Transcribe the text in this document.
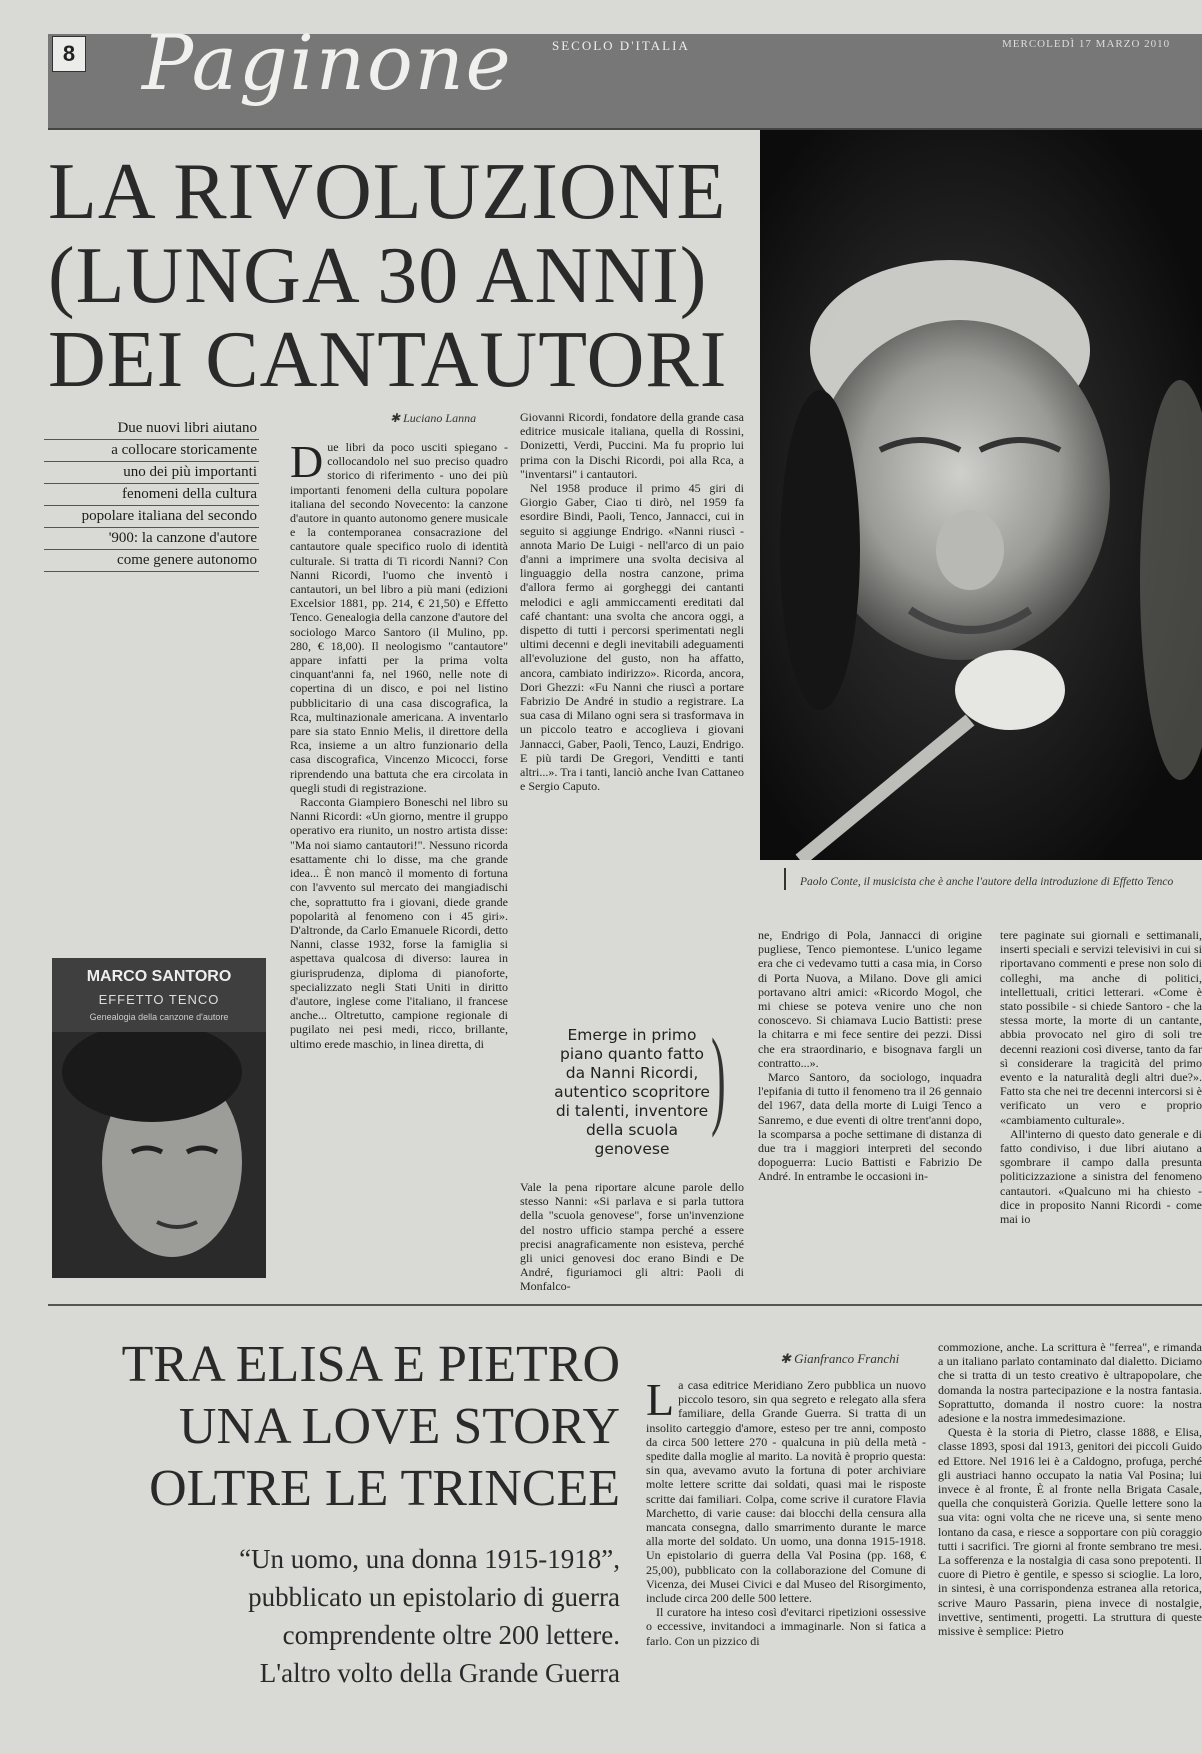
8 Paginone	SECOLO D'ITALIA	MERCOLEDÌ 17 MARZO 2010
LA RIVOLUZIONE
(LUNGA 30 ANNI)
DEI CANTAUTORI
Paolo Conte, il musicista che è anche l'autore della introduzione di Effetto Tenco
Due nuovi libri aiutano
a collocare storicamente
uno dei più importanti
fenomeni della cultura
popolare italiana del secondo
'900: la canzone d'autore
come genere autonomo
✱ Luciano Lanna
MARCO SANTORO
EFFETTO TENCO
Genealogia della canzone d'autore

Due libri da poco usciti spiegano - collocandolo nel suo preciso quadro storico di riferimento - uno dei più importanti fenomeni della cultura popolare italiana del secondo Novecento: la canzone d'autore in quanto autonomo genere musicale e la contemporanea consacrazione del cantautore quale specifico ruolo di identità culturale. Si tratta di Ti ricordi Nanni? Con Nanni Ricordi, l'uomo che inventò i cantautori, un bel libro a più mani (edizioni Excelsior 1881, pp. 214, € 21,50) e Effetto Tenco. Genealogia della canzone d'autore del sociologo Marco Santoro (il Mulino, pp. 280, € 18,00). Il neologismo "cantautore" appare infatti per la prima volta cinquant'anni fa, nel 1960, nelle note di copertina di un disco, e poi nel listino pubblicitario di una casa discografica, la Rca, multinazionale americana. A inventarlo pare sia stato Ennio Melis, il direttore della Rca, insieme a un altro funzionario della casa discografica, Vincenzo Micocci, forse riprendendo una battuta che era circolata in quegli studi di registrazione.

Racconta Giampiero Boneschi nel libro su Nanni Ricordi: «Un giorno, mentre il gruppo operativo era riunito, un nostro artista disse: "Ma noi siamo cantautori!". Nessuno ricorda esattamente chi lo disse, ma che grande idea... È non mancò il momento di fortuna con l'avvento sul mercato dei mangiadischi che, soprattutto fra i giovani, diede grande popolarità al fenomeno con i 45 giri». D'altronde, da Carlo Emanuele Ricordi, detto Nanni, classe 1932, forse la famiglia si aspettava qualcosa di diverso: laurea in giurisprudenza, diploma di pianoforte, specializzato negli Stati Uniti in diritto d'autore, inglese come l'italiano, il francese anche... Oltretutto, campione regionale di pugilato nei pesi medi, ricco, brillante, ultimo erede maschio, in linea diretta, di

Giovanni Ricordi, fondatore della grande casa editrice musicale italiana, quella di Rossini, Donizetti, Verdi, Puccini. Ma fu proprio lui prima con la Dischi Ricordi, poi alla Rca, a "inventarsi" i cantautori.

Nel 1958 produce il primo 45 giri di Giorgio Gaber, Ciao ti dirò, nel 1959 fa esordire Bindi, Paoli, Tenco, Jannacci, cui in seguito si aggiunge Endrigo. «Nanni riuscì - annota Mario De Luigi - nell'arco di un paio d'anni a imprimere una svolta decisiva al linguaggio della nostra canzone, prima d'allora fermo ai gorgheggi dei cantanti melodici e agli ammiccamenti ereditati dal café chantant: una svolta che ancora oggi, a dispetto di tutti i percorsi sperimentati negli ultimi decenni e degli inevitabili adeguamenti all'evoluzione del gusto, non ha affatto, ancora, cambiato indirizzo». Ricorda, ancora, Dori Ghezzi: «Fu Nanni che riuscì a portare Fabrizio De André in studio a registrare. La sua casa di Milano ogni sera si trasformava in un piccolo teatro e accoglieva i giovani Jannacci, Gaber, Paoli, Tenco, Lauzi, Endrigo. E più tardi De Gregori, Venditti e tanti altri...». Tra i tanti, lanciò anche Ivan Cattaneo e Sergio Caputo.

Emerge in primo piano quanto fatto da Nanni Ricordi, autentico scopritore di talenti, inventore della scuola genovese
)

Vale la pena riportare alcune parole dello stesso Nanni: «Si parlava e si parla tuttora della "scuola genovese", forse un'invenzione del nostro ufficio stampa perché a essere precisi anagraficamente non esisteva, perché gli unici genovesi doc erano Bindi e De André, figuriamoci gli altri: Paoli di Monfalco-

ne, Endrigo di Pola, Jannacci di origine pugliese, Tenco piemontese. L'unico legame era che ci vedevamo tutti a casa mia, in Corso di Porta Nuova, a Milano. Dove gli amici portavano altri amici: «Ricordo Mogol, che mi chiese se poteva venire uno che non conoscevo. Si chiamava Lucio Battisti: prese la chitarra e mi fece sentire dei pezzi. Dissi che era straordinario, e bisognava fargli un contratto...».

Marco Santoro, da sociologo, inquadra l'epifania di tutto il fenomeno tra il 26 gennaio del 1967, data della morte di Luigi Tenco a Sanremo, e due eventi di oltre trent'anni dopo, la scomparsa a poche settimane di distanza di due tra i maggiori interpreti del secondo dopoguerra: Lucio Battisti e Fabrizio De André. In entrambe le occasioni in-

tere paginate sui giornali e settimanali, inserti speciali e servizi televisivi in cui si riportavano commenti e prese non solo di colleghi, ma anche di politici, intellettuali, critici letterari. «Come è stato possibile - si chiede Santoro - che la stessa morte, la morte di un cantante, abbia provocato nel giro di soli tre decenni reazioni così diverse, tanto da far sì considerare la tragicità del primo evento e la naturalità degli altri due?». Fatto sta che nei tre decenni intercorsi si è verificato un vero e proprio «cambiamento culturale».

All'interno di questo dato generale e di fatto condiviso, i due libri aiutano a sgombrare il campo dalla presunta politicizzazione a sinistra del fenomeno cantautori. «Qualcuno mi ha chiesto - dice in proposito Nanni Ricordi - come mai io

TRA ELISA E PIETRO
UNA LOVE STORY
OLTRE LE TRINCEE
“Un uomo, una donna 1915-1918”,
pubblicato un epistolario di guerra
comprendente oltre 200 lettere.
L'altro volto della Grande Guerra
✱ Gianfranco Franchi

La casa editrice Meridiano Zero pubblica un nuovo piccolo tesoro, sin qua segreto e relegato alla sfera familiare, della Grande Guerra. Si tratta di un insolito carteggio d'amore, esteso per tre anni, composto da circa 500 lettere 270 - qualcuna in più della metà - spedite dalla moglie al marito. La novità è proprio questa: sin qua, avevamo avuto la fortuna di poter archiviare molte lettere scritte dai soldati, quasi mai le risposte scritte dai familiari. Colpa, come scrive il curatore Flavia Marchetto, di varie cause: dai blocchi della censura alla mancata consegna, dallo smarrimento durante le marce alla morte del soldato. Un uomo, una donna 1915-1918. Un epistolario di guerra della Val Posina (pp. 168, € 25,00), pubblicato con la collaborazione del Comune di Vicenza, dei Musei Civici e dal Museo del Risorgimento, include circa 200 delle 500 lettere.

Il curatore ha inteso così d'evitarci ripetizioni ossessive o eccessive, invitandoci a immaginarle. Non si fatica a farlo. Con un pizzico di

commozione, anche. La scrittura è "ferrea", e rimanda a un italiano parlato contaminato dal dialetto. Diciamo che si tratta di un testo creativo è ultrapopolare, che domanda la nostra partecipazione e la nostra fantasia. Soprattutto, domanda il nostro cuore: la nostra adesione e la nostra immedesimazione.

Questa è la storia di Pietro, classe 1888, e Elisa, classe 1893, sposi dal 1913, genitori dei piccoli Guido ed Ettore. Nel 1916 lei è a Caldogno, profuga, perché gli austriaci hanno occupato la natia Val Posina; lui invece è al fronte, È al fronte nella Brigata Casale, quella che conquisterà Gorizia. Quelle lettere sono la sua vita: ogni volta che ne riceve una, si sente meno lontano da casa, e riesce a sopportare con più coraggio tutti i sacrifici. Tre giorni al fronte sembrano tre mesi. La sofferenza e la nostalgia di casa sono prepotenti. Il cuore di Pietro è gentile, e spesso si scioglie. La loro, in sintesi, è una corrispondenza estranea alla retorica, scrive Mauro Passarin, piena invece di nostalgie, invettive, sentimenti, progetti. La struttura di queste missive è semplice: Pietro
